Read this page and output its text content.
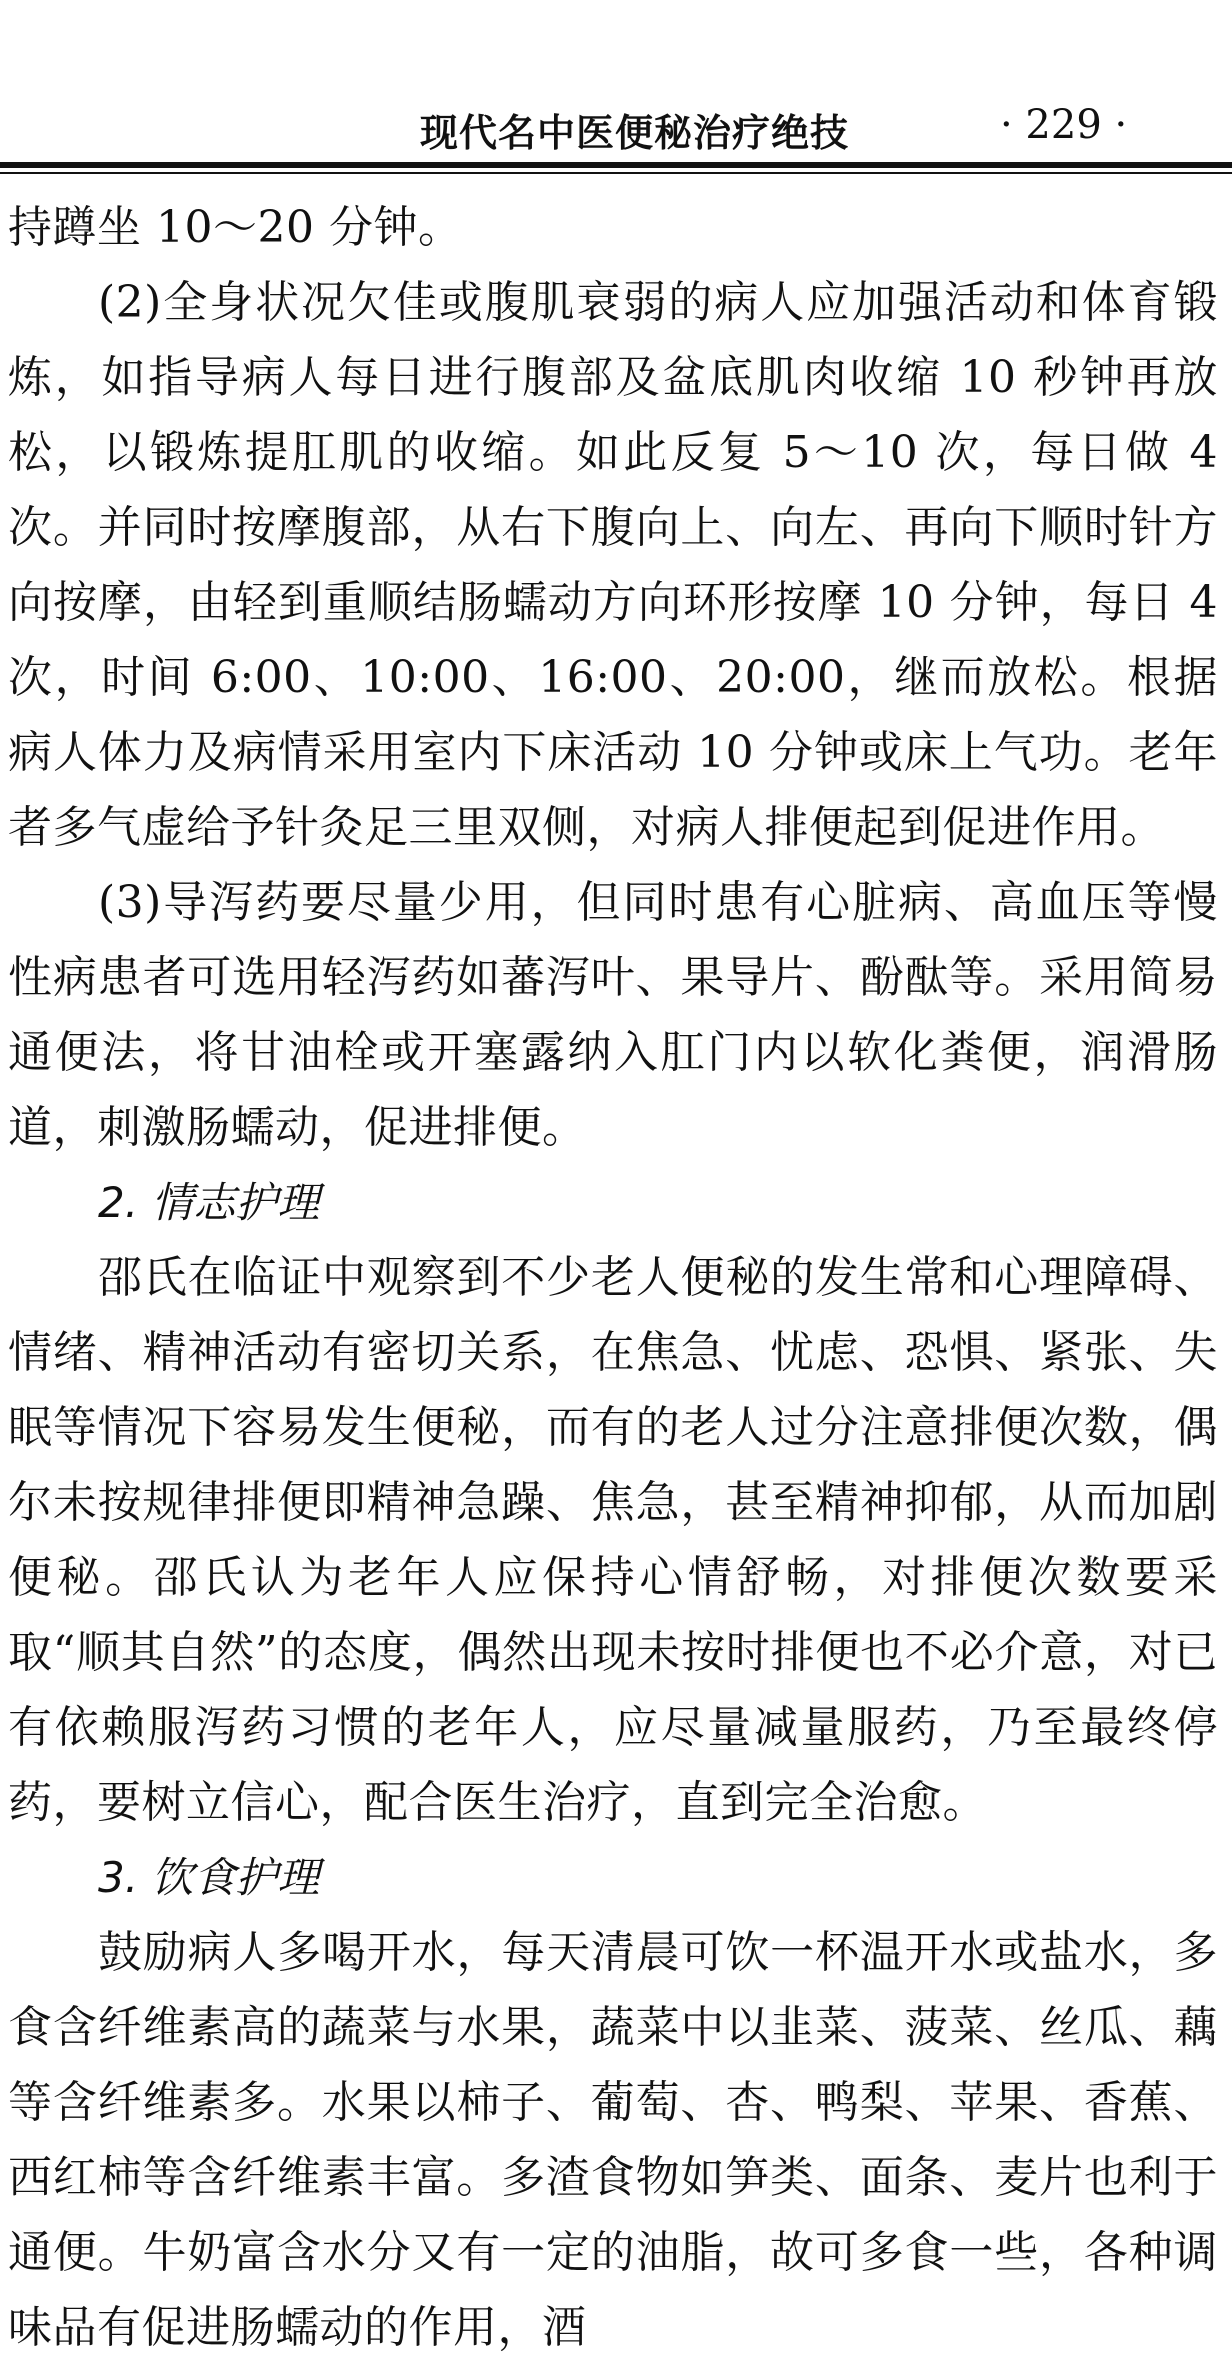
现代名中医便秘治疗绝技	· 229 ·

持蹲坐 10～20 分钟。

(2)全身状况欠佳或腹肌衰弱的病人应加强活动和体育锻炼，如指导病人每日进行腹部及盆底肌肉收缩 10 秒钟再放松，以锻炼提肛肌的收缩。如此反复 5～10 次，每日做 4 次。并同时按摩腹部，从右下腹向上、向左、再向下顺时针方向按摩，由轻到重顺结肠蠕动方向环形按摩 10 分钟，每日 4 次，时间 6:00、10:00、16:00、20:00，继而放松。根据病人体力及病情采用室内下床活动 10 分钟或床上气功。老年者多气虚给予针灸足三里双侧，对病人排便起到促进作用。

(3)导泻药要尽量少用，但同时患有心脏病、高血压等慢性病患者可选用轻泻药如蕃泻叶、果导片、酚酞等。采用简易通便法，将甘油栓或开塞露纳入肛门内以软化粪便，润滑肠道，刺激肠蠕动，促进排便。

2. 情志护理

邵氏在临证中观察到不少老人便秘的发生常和心理障碍、情绪、精神活动有密切关系，在焦急、忧虑、恐惧、紧张、失眠等情况下容易发生便秘，而有的老人过分注意排便次数，偶尔未按规律排便即精神急躁、焦急，甚至精神抑郁，从而加剧便秘。邵氏认为老年人应保持心情舒畅，对排便次数要采取“顺其自然”的态度，偶然出现未按时排便也不必介意，对已有依赖服泻药习惯的老年人，应尽量减量服药，乃至最终停药，要树立信心，配合医生治疗，直到完全治愈。

3. 饮食护理

鼓励病人多喝开水，每天清晨可饮一杯温开水或盐水，多食含纤维素高的蔬菜与水果，蔬菜中以韭菜、菠菜、丝瓜、藕等含纤维素多。水果以柿子、葡萄、杏、鸭梨、苹果、香蕉、西红柿等含纤维素丰富。多渣食物如笋类、面条、麦片也利于通便。牛奶富含水分又有一定的油脂，故可多食一些，各种调味品有促进肠蠕动的作用，酒
